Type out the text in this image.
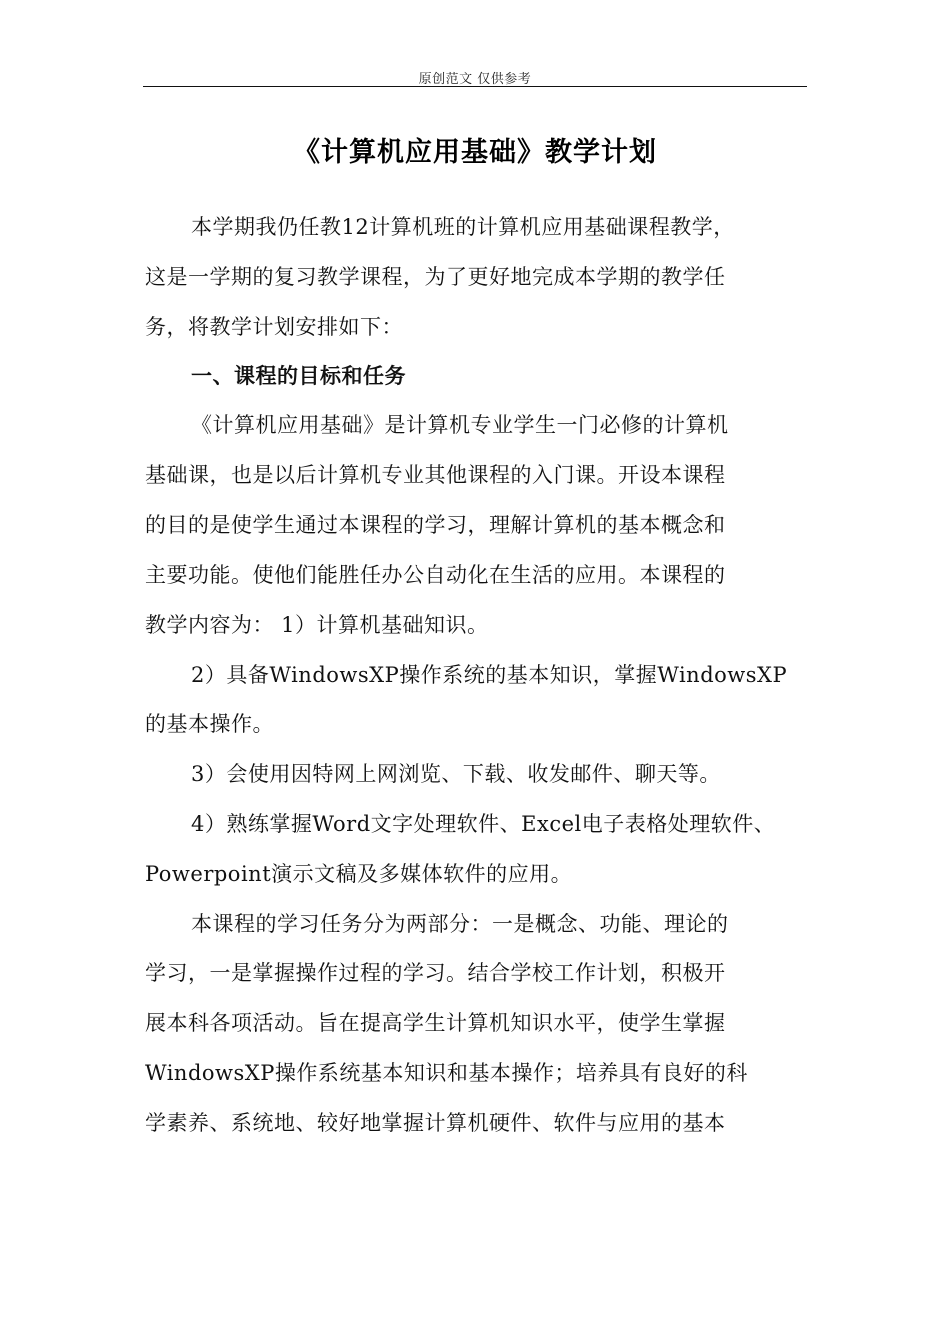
原创范文 仅供参考
《计算机应用基础》教学计划
本学期我仍任教12计算机班的计算机应用基础课程教学，
这是一学期的复习教学课程，为了更好地完成本学期的教学任
务，将教学计划安排如下：
一、课程的目标和任务
《计算机应用基础》是计算机专业学生一门必修的计算机
基础课，也是以后计算机专业其他课程的入门课。开设本课程
的目的是使学生通过本课程的学习，理解计算机的基本概念和
主要功能。使他们能胜任办公自动化在生活的应用。本课程的
教学内容为： 1）计算机基础知识。
2）具备WindowsXP操作系统的基本知识，掌握WindowsXP
的基本操作。
3）会使用因特网上网浏览、下载、收发邮件、聊天等。
4）熟练掌握Word文字处理软件、Excel电子表格处理软件、
Powerpoint演示文稿及多媒体软件的应用。
本课程的学习任务分为两部分：一是概念、功能、理论的
学习，一是掌握操作过程的学习。结合学校工作计划，积极开
展本科各项活动。旨在提高学生计算机知识水平，使学生掌握
WindowsXP操作系统基本知识和基本操作；培养具有良好的科
学素养、系统地、较好地掌握计算机硬件、软件与应用的基本
